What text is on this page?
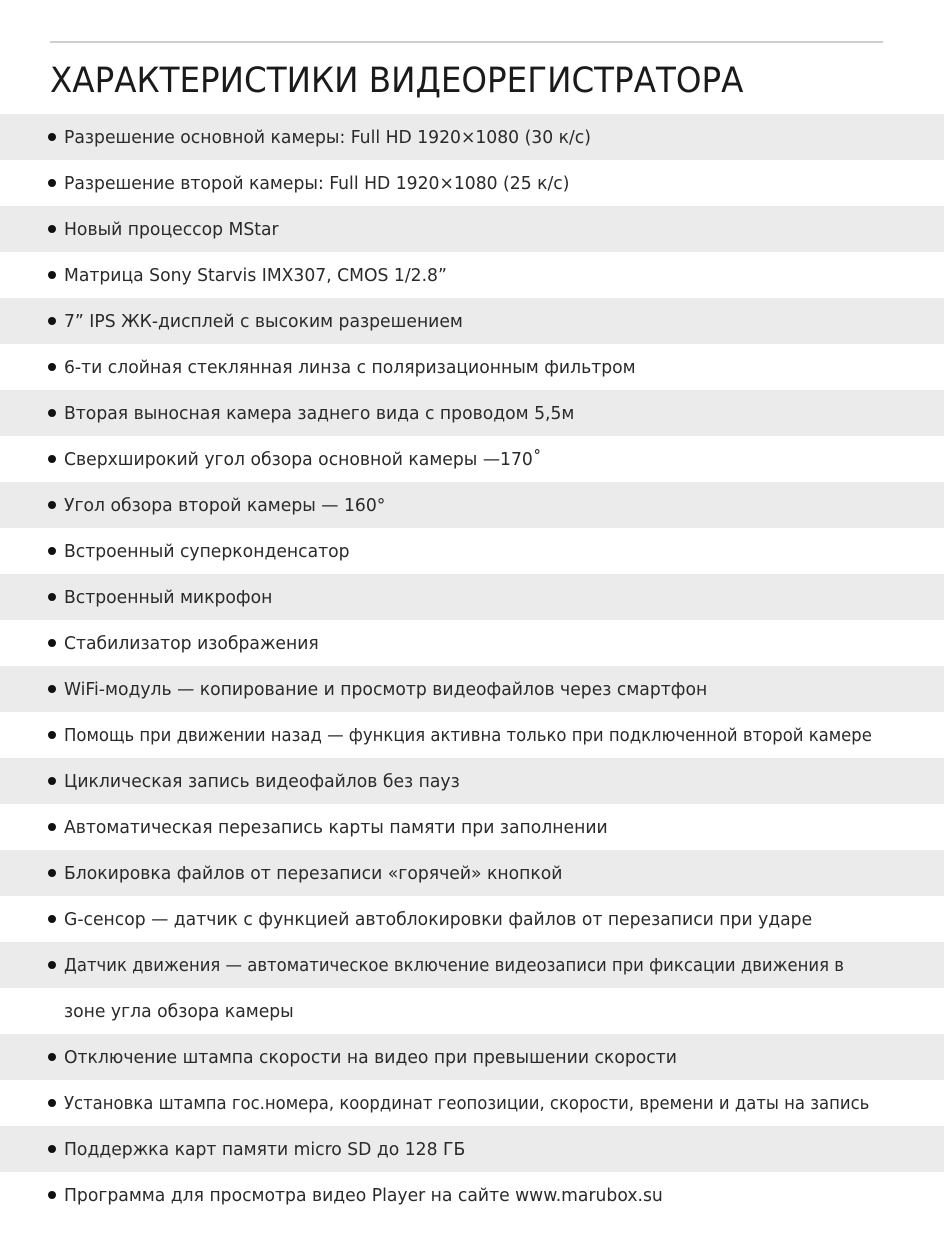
ХАРАКТЕРИСТИКИ ВИДЕОРЕГИСТРАТОРА
Разрешение основной камеры: Full HD 1920×1080 (30 к/с)
Разрешение второй камеры: Full HD 1920×1080 (25 к/с)
Новый процессор MStar
Матрица Sony Starvis IMX307, CMOS 1/2.8”
7” IPS ЖК-дисплей с высоким разрешением
6-ти слойная стеклянная линза с поляризационным фильтром
Вторая выносная камера заднего вида с проводом 5,5м
Сверхширокий угол обзора основной камеры —170˚
Угол обзора второй камеры — 160°
Встроенный суперконденсатор
Встроенный микрофон
Стабилизатор изображения
WiFi-модуль — копирование и просмотр видеофайлов через смартфон
Помощь при движении назад — функция активна только при подключенной второй камере
Циклическая запись видеофайлов без пауз
Автоматическая перезапись карты памяти при заполнении
Блокировка файлов от перезаписи «горячей» кнопкой
G-сенсор — датчик с функцией автоблокировки файлов от перезаписи при ударе
Датчик движения — автоматическое включение видеозаписи при фиксации движения в
зоне угла обзора камеры
Отключение штампа скорости на видео при превышении скорости
Установка штампа гос.номера, координат геопозиции, скорости, времени и даты на запись
Поддержка карт памяти micro SD до 128 ГБ
Программа для просмотра видео Player на сайте www.marubox.su
